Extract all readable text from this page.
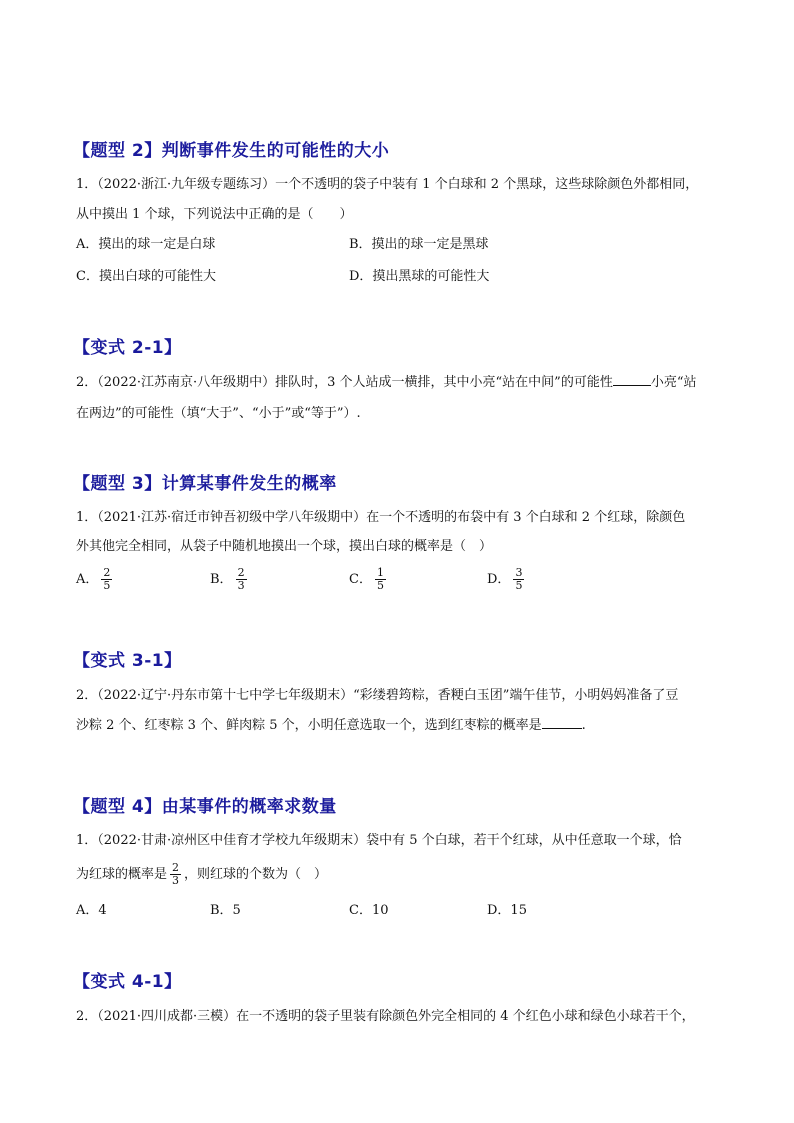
【题型 2】判断事件发生的可能性的大小
1．（2022·浙江·九年级专题练习）一个不透明的袋子中装有 1 个白球和 2 个黑球，这些球除颜色外都相同，
从中摸出 1 个球，下列说法中正确的是（　　）
A．摸出的球一定是白球	B．摸出的球一定是黑球
C．摸出白球的可能性大	D．摸出黑球的可能性大
【变式 2-1】
2．（2022·江苏南京·八年级期中）排队时，3 个人站成一横排，其中小亮“站在中间”的可能性	小亮“站
在两边”的可能性（填“大于”、“小于”或“等于”）.
【题型 3】计算某事件发生的概率
1．（2021·江苏·宿迁市钟吾初级中学八年级期中）在一个不透明的布袋中有 3 个白球和 2 个红球，除颜色
外其他完全相同，从袋子中随机地摸出一个球，摸出白球的概率是（　）
A． $\frac{2}{5}$	B． $\frac{2}{3}$	C． $\frac{1}{5}$	D． $\frac{3}{5}$
【变式 3-1】
2．（2022·辽宁·丹东市第十七中学七年级期末）“彩缕碧筠粽，香粳白玉团”端午佳节，小明妈妈准备了豆
沙粽 2 个、红枣粽 3 个、鲜肉粽 5 个，小明任意选取一个，选到红枣粽的概率是	.
【题型 4】由某事件的概率求数量
1．（2022·甘肃·凉州区中佳育才学校九年级期末）袋中有 5 个白球，若干个红球，从中任意取一个球，恰
为红球的概率是 $\frac{2}{3}$ ，则红球的个数为（　）
A．4	B．5	C．10	D．15
【变式 4-1】
2．（2021·四川成都·三模）在一不透明的袋子里装有除颜色外完全相同的 4 个红色小球和绿色小球若干个，
